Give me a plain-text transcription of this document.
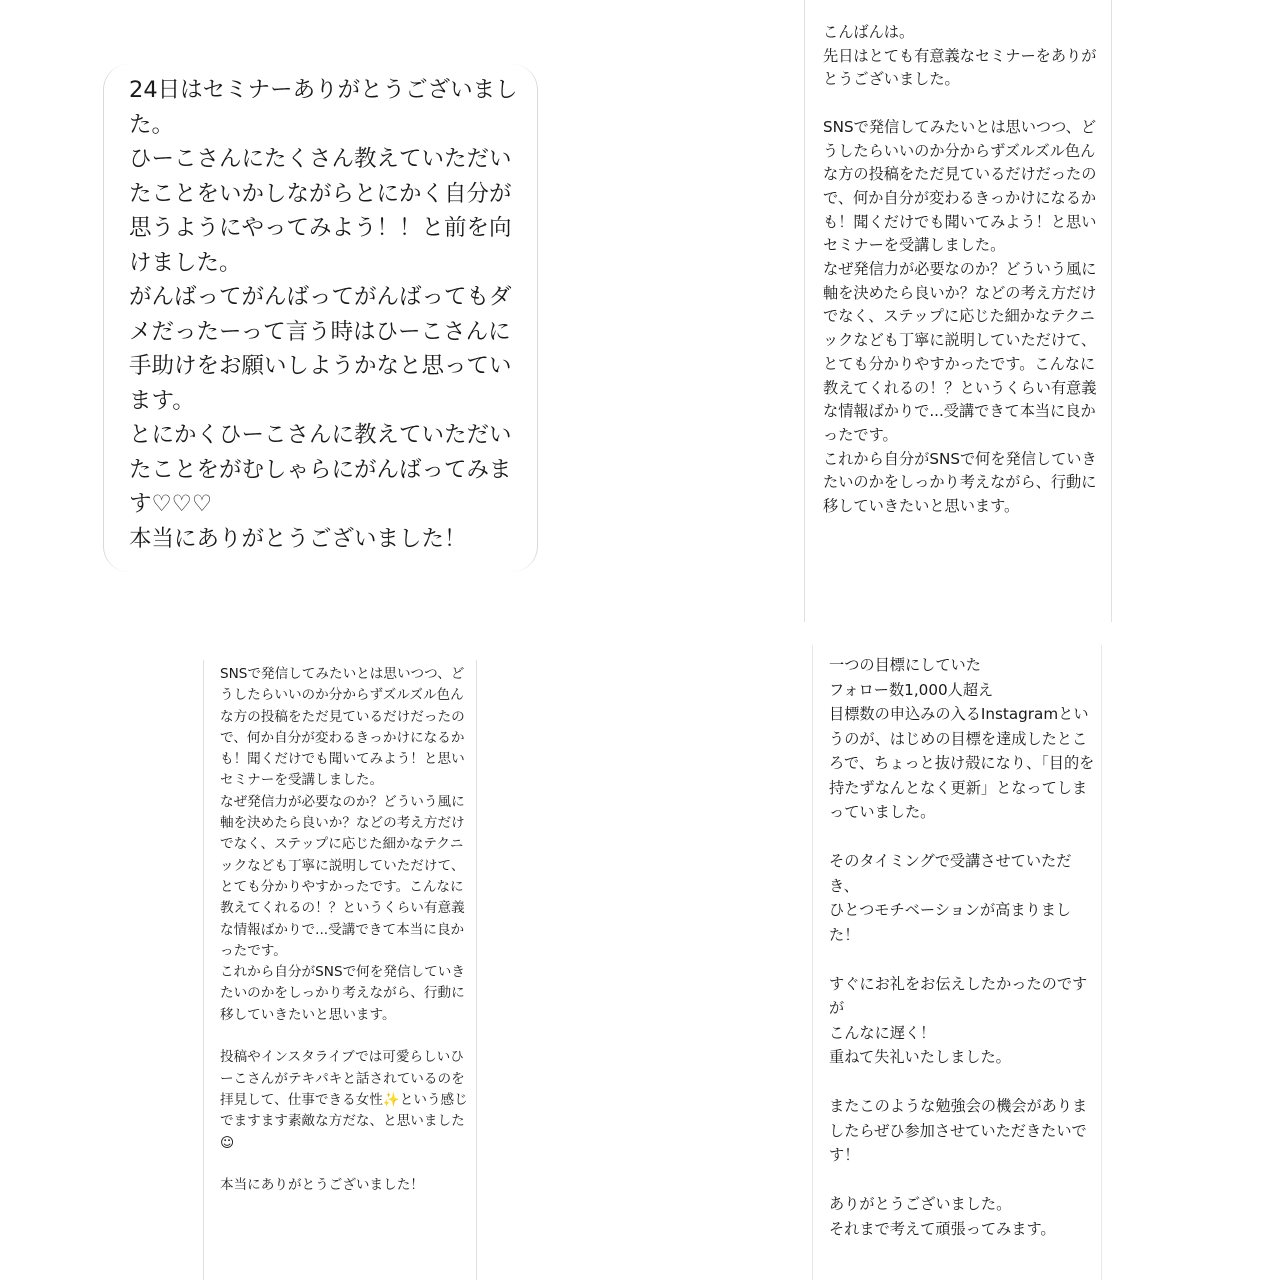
24日はセミナーありがとうございました。
ひーこさんにたくさん教えていただいたことをいかしながらとにかく自分が思うようにやってみよう！！と前を向けました。
がんばってがんばってがんばってもダメだったーって言う時はひーこさんに手助けをお願いしようかなと思っています。
とにかくひーこさんに教えていただいたことをがむしゃらにがんばってみます♡♡♡
本当にありがとうございました！

こんばんは。
先日はとても有意義なセミナーをありがとうございました。

SNSで発信してみたいとは思いつつ、どうしたらいいのか分からずズルズル色んな方の投稿をただ見ているだけだったので、何か自分が変わるきっかけになるかも！聞くだけでも聞いてみよう！と思いセミナーを受講しました。
なぜ発信力が必要なのか？どういう風に軸を決めたら良いか？などの考え方だけでなく、ステップに応じた細かなテクニックなども丁寧に説明していただけて、とても分かりやすかったです。こんなに教えてくれるの！？というくらい有意義な情報ばかりで...受講できて本当に良かったです。
これから自分がSNSで何を発信していきたいのかをしっかり考えながら、行動に移していきたいと思います。

SNSで発信してみたいとは思いつつ、どうしたらいいのか分からずズルズル色んな方の投稿をただ見ているだけだったので、何か自分が変わるきっかけになるかも！聞くだけでも聞いてみよう！と思いセミナーを受講しました。
なぜ発信力が必要なのか？どういう風に軸を決めたら良いか？などの考え方だけでなく、ステップに応じた細かなテクニックなども丁寧に説明していただけて、とても分かりやすかったです。こんなに教えてくれるの！？というくらい有意義な情報ばかりで...受講できて本当に良かったです。
これから自分がSNSで何を発信していきたいのかをしっかり考えながら、行動に移していきたいと思います。

投稿やインスタライブでは可愛らしいひーこさんがテキパキと話されているのを拝見して、仕事できる女性✨という感じでますます素敵な方だな、と思いました☺︎

本当にありがとうございました！

一つの目標にしていた
フォロー数1,000人超え
目標数の申込みの入るInstagramというのが、はじめの目標を達成したところで、ちょっと抜け殻になり、「目的を持たずなんとなく更新」となってしまっていました。

そのタイミングで受講させていただき、
ひとつモチベーションが高まりました！

すぐにお礼をお伝えしたかったのですが
こんなに遅く！
重ねて失礼いたしました。

またこのような勉強会の機会がありましたらぜひ参加させていただきたいです！

ありがとうございました。
それまで考えて頑張ってみます。
